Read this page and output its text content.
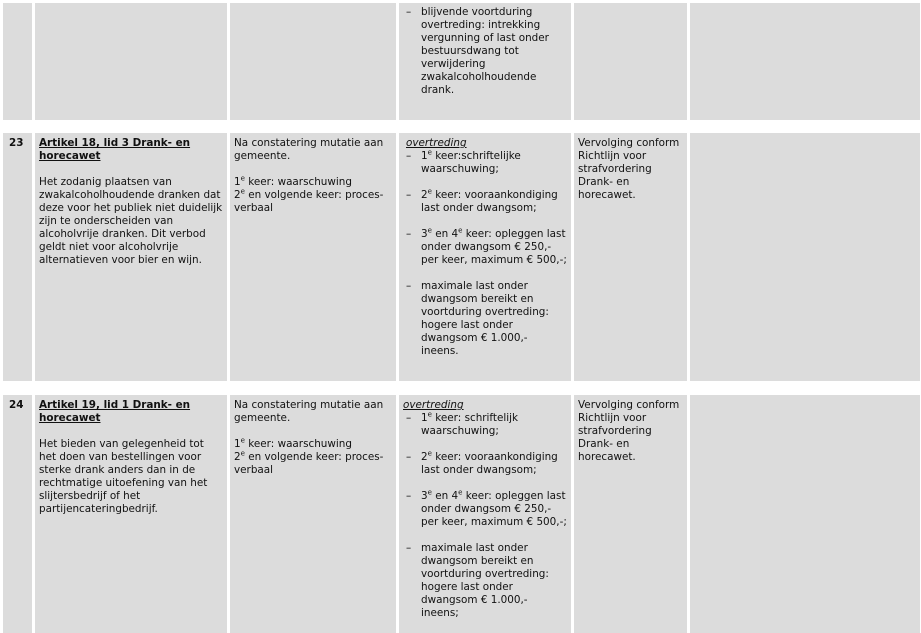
– blijvende voortduring
overtreding: intrekking
vergunning of last onder
bestuursdwang tot
verwijdering
zwakalcoholhoudende
drank.
23	Artikel 18, lid 3 Drank- en horecawet
Het zodanig plaatsen van zwakalcoholhoudende dranken dat deze voor het publiek niet duidelijk zijn te onderscheiden van alcoholvrije dranken. Dit verbod geldt niet voor alcoholvrije alternatieven voor bier en wijn.
Na constatering mutatie aan gemeente.
1e keer: waarschuwing
2e en volgende keer: proces-verbaal
overtreding
– 1e keer:schriftelijke waarschuwing;
– 2e keer: vooraankondiging last onder dwangsom;
– 3e en 4e keer: opleggen last onder dwangsom € 250,- per keer, maximum € 500,-;
– maximale last onder dwangsom bereikt en voortduring overtreding: hogere last onder dwangsom € 1.000,- ineens.
Vervolging conform Richtlijn voor strafvordering Drank- en horecawet.
24	Artikel 19, lid 1 Drank- en horecawet
Het bieden van gelegenheid tot het doen van bestellingen voor sterke drank anders dan in de rechtmatige uitoefening van het slijtersbedrijf of het partijencateringbedrijf.
Na constatering mutatie aan gemeente.
1e keer: waarschuwing
2e en volgende keer: proces-verbaal
overtreding
– 1e keer: schriftelijk waarschuwing;
– 2e keer: vooraankondiging last onder dwangsom;
– 3e en 4e keer: opleggen last onder dwangsom € 250,- per keer, maximum € 500,-;
– maximale last onder dwangsom bereikt en voortduring overtreding: hogere last onder dwangsom € 1.000,- ineens;
Vervolging conform Richtlijn voor strafvordering Drank- en horecawet.
